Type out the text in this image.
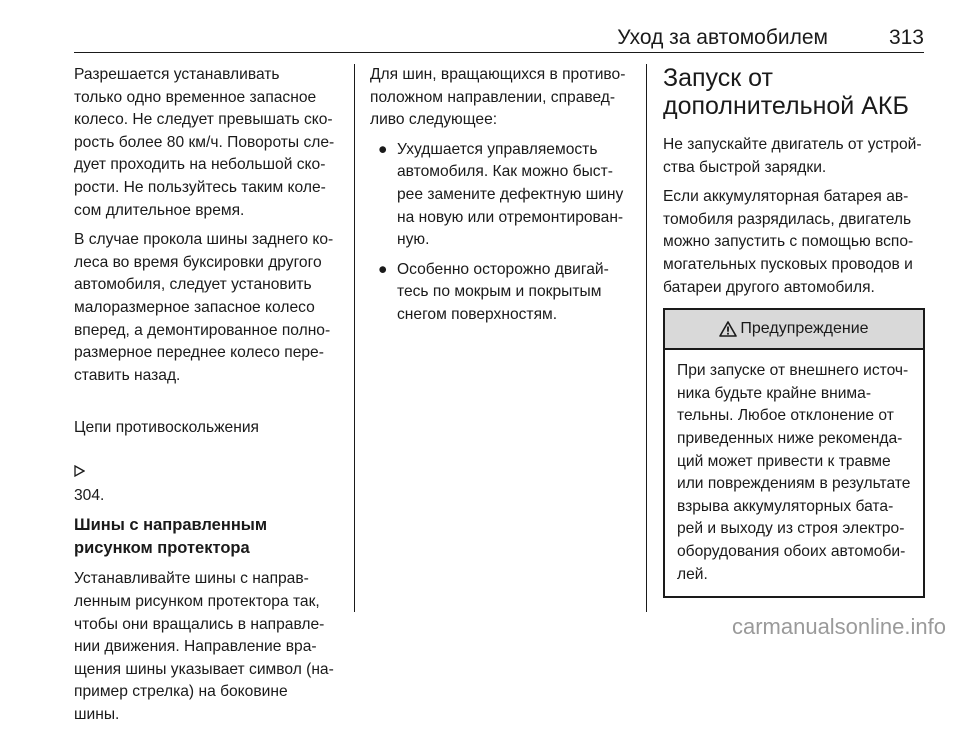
Уход за автомобилем	313

Разрешается устанавливать
только одно временное запасное
колесо. Не следует превышать ско-
рость более 80 км/ч. Повороты сле-
дует проходить на небольшой ско-
рости. Не пользуйтесь таким коле-
сом длительное время.

В случае прокола шины заднего ко-
леса во время буксировки другого
автомобиля, следует установить
малоразмерное запасное колесо
вперед, а демонтированное полно-
размерное переднее колесо пере-
ставить назад.

Цепи противоскольжения

304.

Шины с направленным
рисунком протектора

Устанавливайте шины с направ-
ленным рисунком протектора так,
чтобы они вращались в направле-
нии движения. Направление вра-
щения шины указывает символ (на-
пример стрелка) на боковине
шины.

Для шин, вращающихся в противо-
положном направлении, справед-
ливо следующее:

● Ухудшается управляемость
автомобиля. Как можно быст-
рее замените дефектную шину
на новую или отремонтирован-
ную.
● Особенно осторожно двигай-
тесь по мокрым и покрытым
снегом поверхностям.
Запуск от
дополнительной АКБ

Не запускайте двигатель от устрой-
ства быстрой зарядки.

Если аккумуляторная батарея ав-
томобиля разрядилась, двигатель
можно запустить с помощью вспо-
могательных пусковых проводов и
батареи другого автомобиля.

Предупреждение
При запуске от внешнего источ-
ника будьте крайне внима-
тельны. Любое отклонение от
приведенных ниже рекоменда-
ций может привести к травме
или повреждениям в результате
взрыва аккумуляторных бата-
рей и выходу из строя электро-
оборудования обоих автомоби-
лей.
carmanualsonline.info
